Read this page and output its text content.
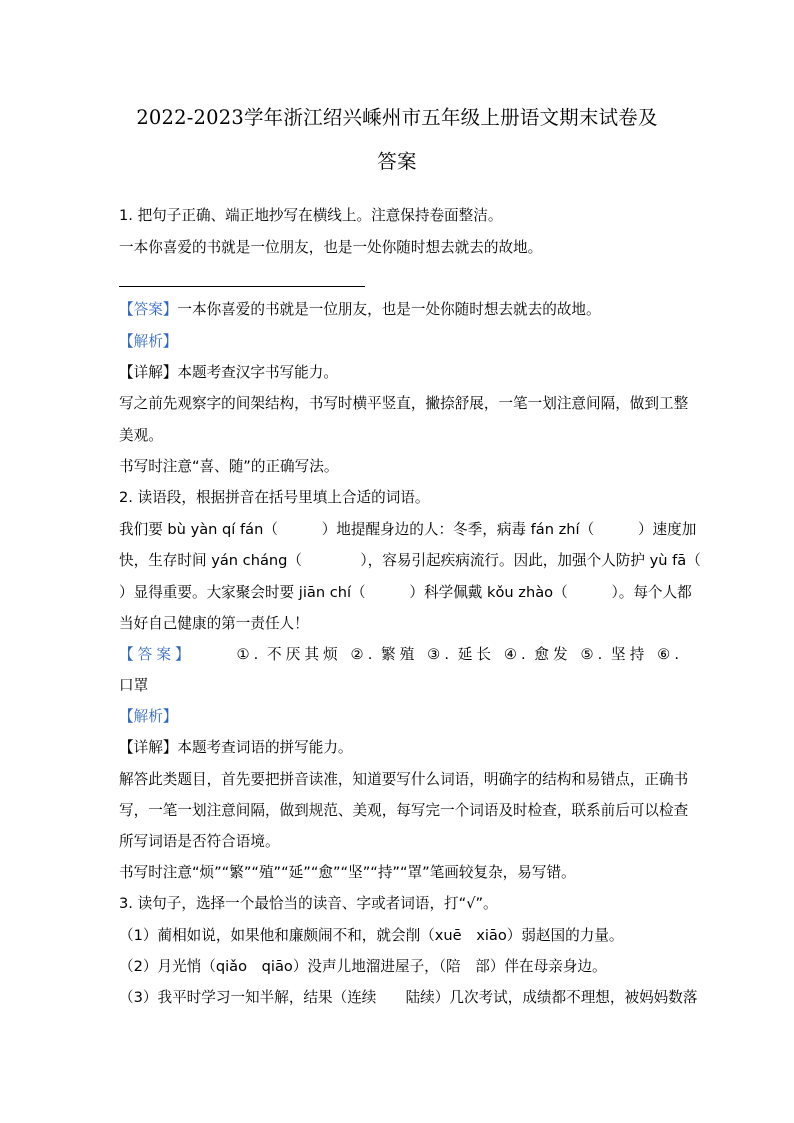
2022-2023学年浙江绍兴嵊州市五年级上册语文期末试卷及
答案
1. 把句子正确、端正地抄写在横线上。注意保持卷面整洁。
一本你喜爱的书就是一位朋友，也是一处你随时想去就去的故地。
【答案】一本你喜爱的书就是一位朋友，也是一处你随时想去就去的故地。
【解析】
【详解】本题考查汉字书写能力。
写之前先观察字的间架结构，书写时横平竖直，撇捺舒展，一笔一划注意间隔，做到工整
美观。
书写时注意“喜、随”的正确写法。
2. 读语段，根据拼音在括号里填上合适的词语。
我们要 bù yàn qí fán（　　　）地提醒身边的人：冬季，病毒 fán zhí（　　　）速度加
快，生存时间 yán cháng（　　　　），容易引起疾病流行。因此，加强个人防护 yù fā（
）显得重要。大家聚会时要 jiān chí（　　　）科学佩戴 kǒu zhào（　　　）。每个人都
当好自己健康的第一责任人！
【答案】	①. 不厌其烦 ②. 繁殖 ③. 延长 ④. 愈发 ⑤. 坚持 ⑥.
口罩
【解析】
【详解】本题考查词语的拼写能力。
解答此类题目，首先要把拼音读准，知道要写什么词语，明确字的结构和易错点，正确书
写，一笔一划注意间隔，做到规范、美观，每写完一个词语及时检查，联系前后可以检查
所写词语是否符合语境。
书写时注意“烦”“繁”“殖”“延”“愈”“坚”“持”“罩”笔画较复杂，易写错。
3. 读句子，选择一个最恰当的读音、字或者词语，打“√”。
（1）蔺相如说，如果他和廉颇闹不和，就会削（xuē　xiāo）弱赵国的力量。
（2）月光悄（qiǎo　qiāo）没声儿地溜进屋子，（陪　部）伴在母亲身边。
（3）我平时学习一知半解，结果（连续　　陆续）几次考试，成绩都不理想，被妈妈数落
